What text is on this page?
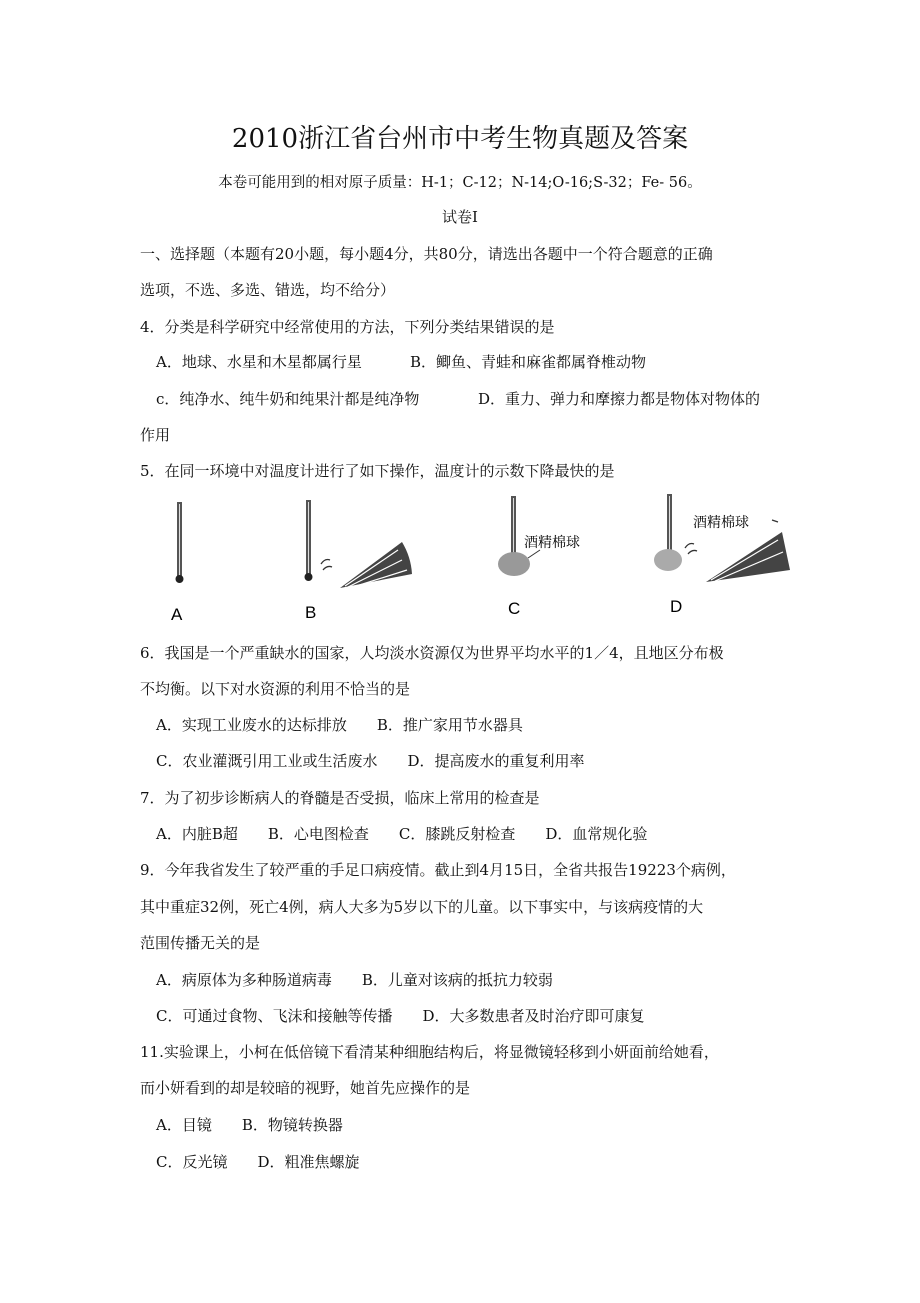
2010浙江省台州市中考生物真题及答案
本卷可能用到的相对原子质量：H-1；C-12；N-14;O-16;S-32；Fe- 56。
试卷Ⅰ
一、选择题（本题有20小题，每小题4分，共80分，请选出各题中一个符合题意的正确
选项，不选、多选、错选，均不给分）
4．分类是科学研究中经常使用的方法，下列分类结果错误的是
A．地球、水星和木星都属行星	B．鲫鱼、青蛙和麻雀都属脊椎动物
c．纯净水、纯牛奶和纯果汁都是纯净物	D．重力、弹力和摩擦力都是物体对物体的
作用
5．在同一环境中对温度计进行了如下操作，温度计的示数下降最快的是
A	B
酒精棉球
C
酒精棉球
D
6．我国是一个严重缺水的国家，人均淡水资源仅为世界平均水平的1／4，且地区分布极
不均衡。以下对水资源的利用不恰当的是
A．实现工业废水的达标排放　　B．推广家用节水器具
C．农业灌溉引用工业或生活废水　　D．提高废水的重复利用率
7．为了初步诊断病人的脊髓是否受损，临床上常用的检查是
A．内脏B超　　B．心电图检查　　C．膝跳反射检查　　D．血常规化验
9．今年我省发生了较严重的手足口病疫情。截止到4月15日，全省共报告19223个病例，
其中重症32例，死亡4例，病人大多为5岁以下的儿童。以下事实中，与该病疫情的大
范围传播无关的是
A．病原体为多种肠道病毒　　B．儿童对该病的抵抗力较弱
C．可通过食物、飞沫和接触等传播　　D．大多数患者及时治疗即可康复
11.实验课上，小柯在低倍镜下看清某种细胞结构后，将显微镜轻移到小妍面前给她看，
而小妍看到的却是较暗的视野，她首先应操作的是
A．目镜　　B．物镜转换器
C．反光镜　　D．粗准焦螺旋
